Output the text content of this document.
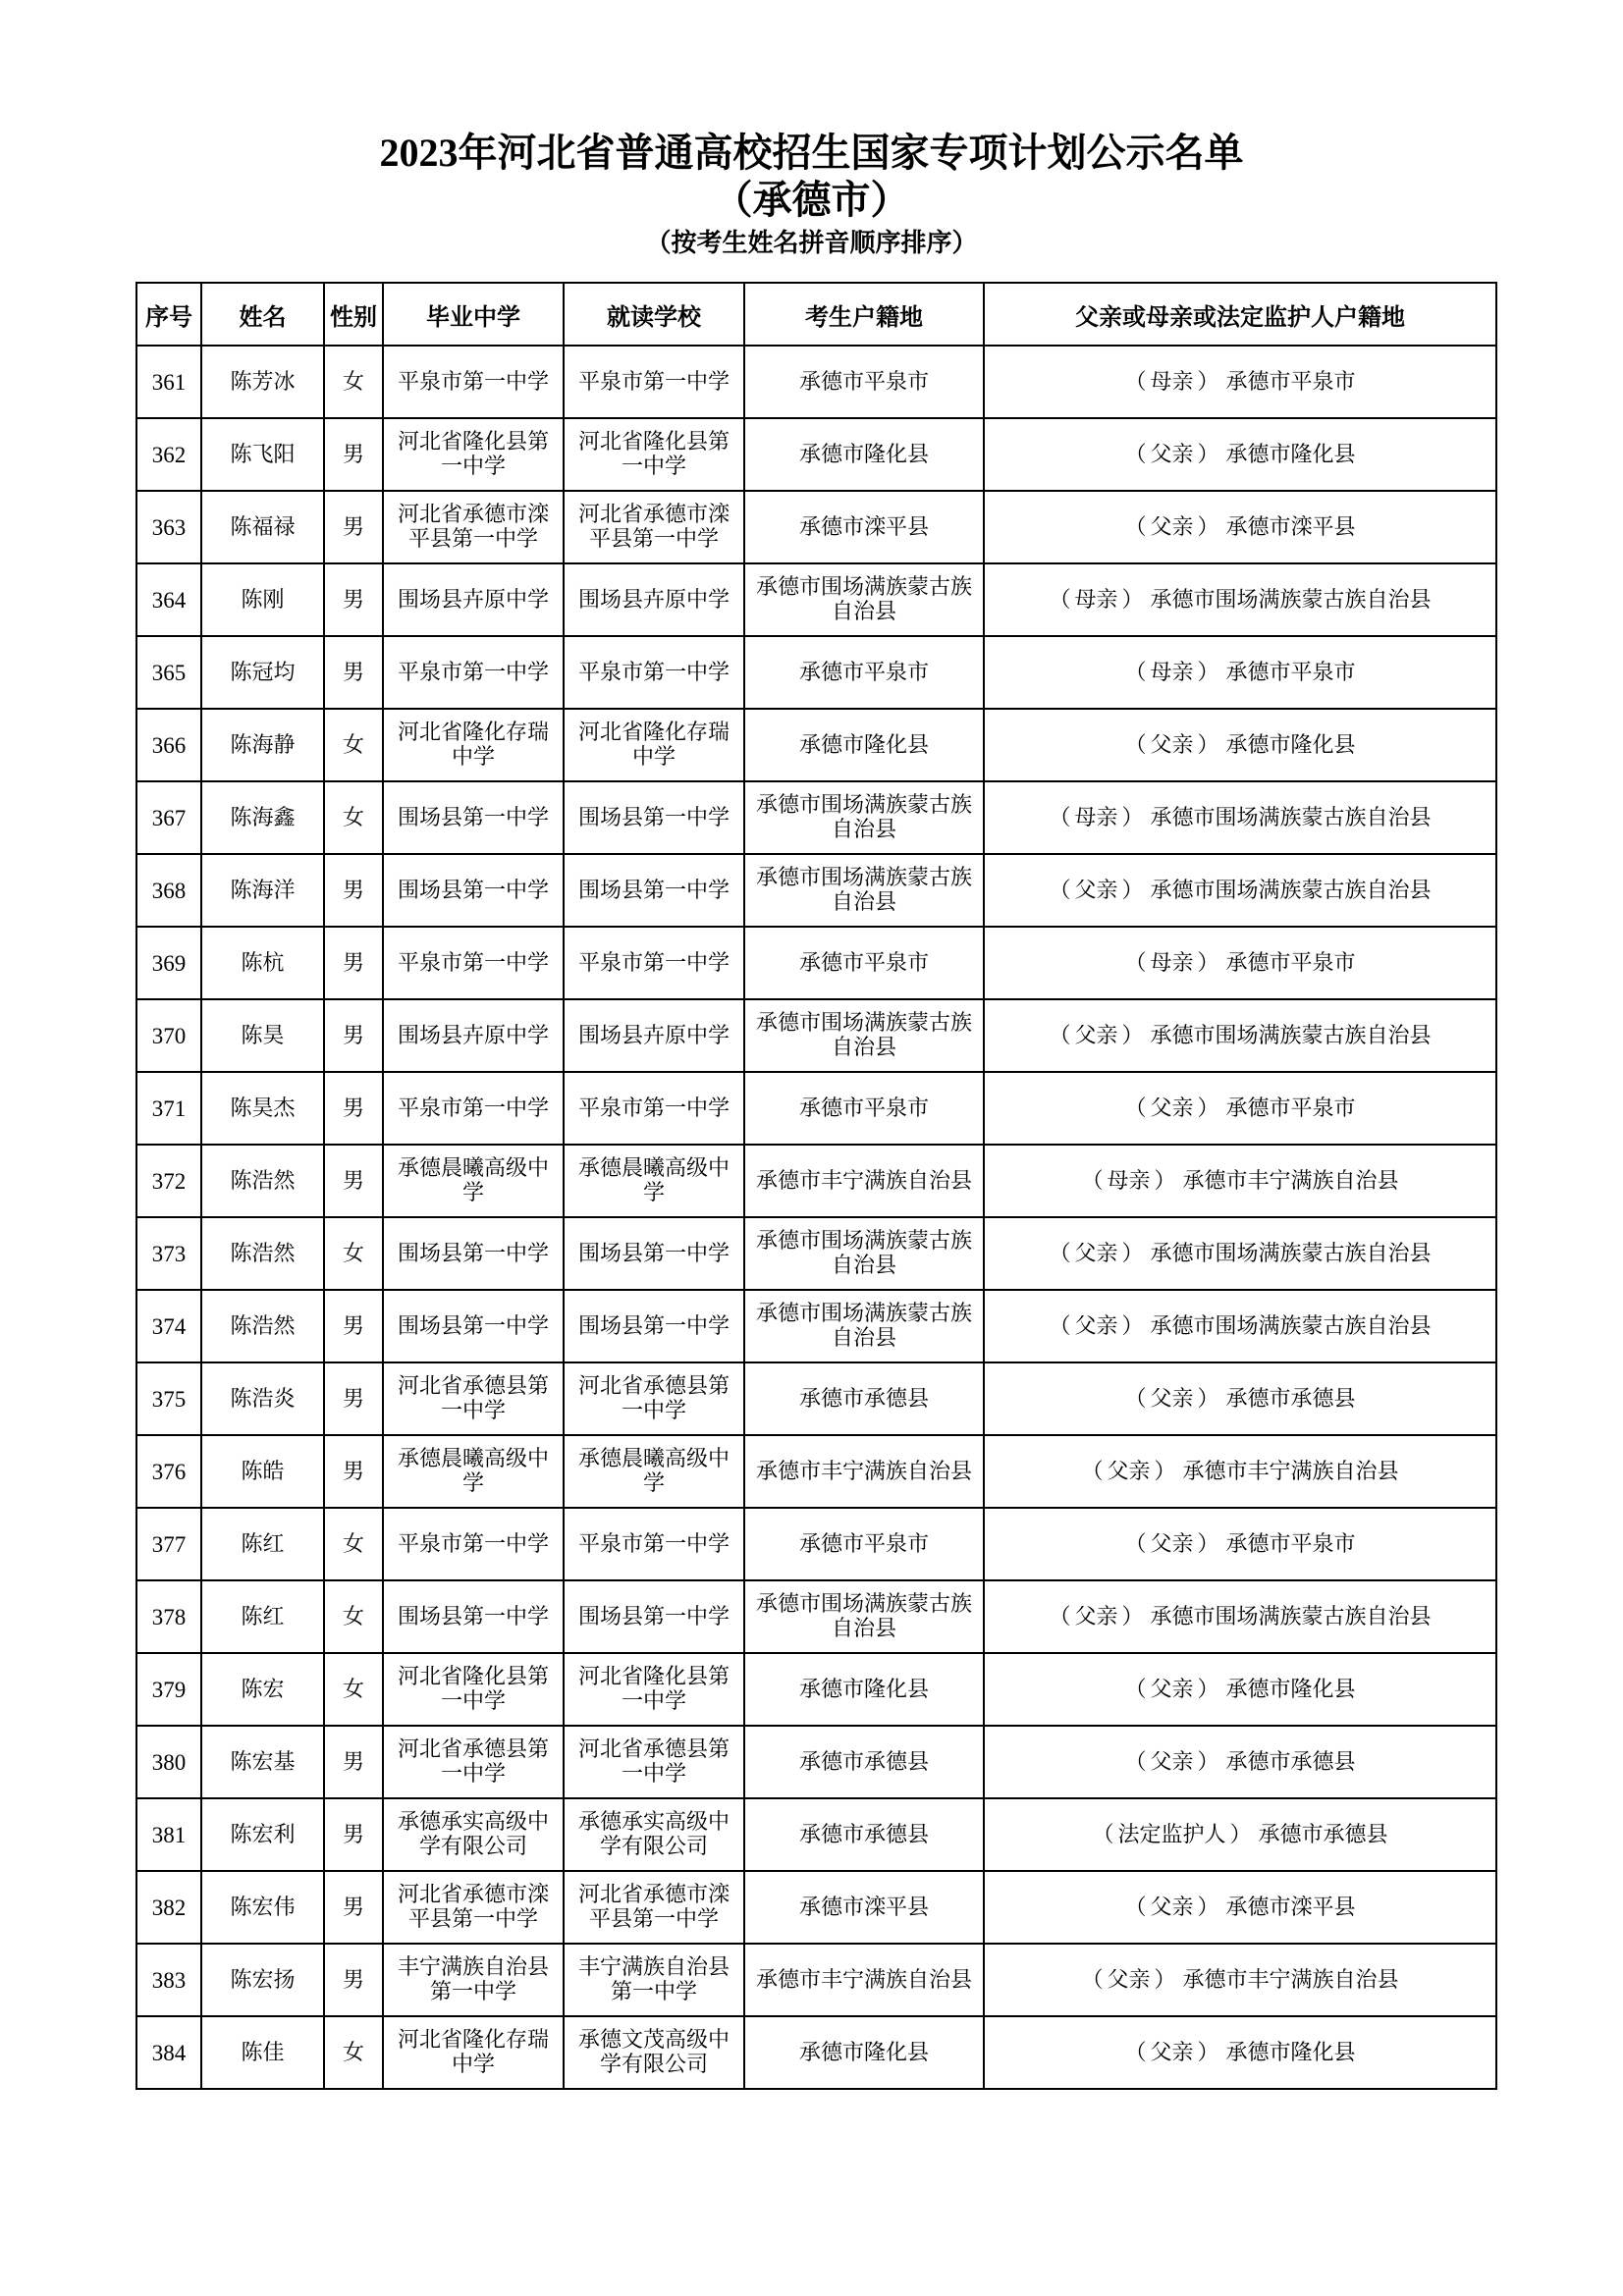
2023年河北省普通高校招生国家专项计划公示名单
（承德市）
（按考生姓名拼音顺序排序）
序号	姓名	性别	毕业中学	就读学校	考生户籍地	父亲或母亲或法定监护人户籍地
361	陈芳冰	女	平泉市第一中学	平泉市第一中学	承德市平泉市	（ 母亲 ） 承德市平泉市
362	陈飞阳	男	河北省隆化县第一中学	河北省隆化县第一中学	承德市隆化县	（ 父亲 ） 承德市隆化县
363	陈福禄	男	河北省承德市滦平县第一中学	河北省承德市滦平县第一中学	承德市滦平县	（ 父亲 ） 承德市滦平县
364	陈刚	男	围场县卉原中学	围场县卉原中学	承德市围场满族蒙古族自治县	（ 母亲 ） 承德市围场满族蒙古族自治县
365	陈冠均	男	平泉市第一中学	平泉市第一中学	承德市平泉市	（ 母亲 ） 承德市平泉市
366	陈海静	女	河北省隆化存瑞中学	河北省隆化存瑞中学	承德市隆化县	（ 父亲 ） 承德市隆化县
367	陈海鑫	女	围场县第一中学	围场县第一中学	承德市围场满族蒙古族自治县	（ 母亲 ） 承德市围场满族蒙古族自治县
368	陈海洋	男	围场县第一中学	围场县第一中学	承德市围场满族蒙古族自治县	（ 父亲 ） 承德市围场满族蒙古族自治县
369	陈杭	男	平泉市第一中学	平泉市第一中学	承德市平泉市	（ 母亲 ） 承德市平泉市
370	陈昊	男	围场县卉原中学	围场县卉原中学	承德市围场满族蒙古族自治县	（ 父亲 ） 承德市围场满族蒙古族自治县
371	陈昊杰	男	平泉市第一中学	平泉市第一中学	承德市平泉市	（ 父亲 ） 承德市平泉市
372	陈浩然	男	承德晨曦高级中学	承德晨曦高级中学	承德市丰宁满族自治县	（ 母亲 ） 承德市丰宁满族自治县
373	陈浩然	女	围场县第一中学	围场县第一中学	承德市围场满族蒙古族自治县	（ 父亲 ） 承德市围场满族蒙古族自治县
374	陈浩然	男	围场县第一中学	围场县第一中学	承德市围场满族蒙古族自治县	（ 父亲 ） 承德市围场满族蒙古族自治县
375	陈浩炎	男	河北省承德县第一中学	河北省承德县第一中学	承德市承德县	（ 父亲 ） 承德市承德县
376	陈皓	男	承德晨曦高级中学	承德晨曦高级中学	承德市丰宁满族自治县	（ 父亲 ） 承德市丰宁满族自治县
377	陈红	女	平泉市第一中学	平泉市第一中学	承德市平泉市	（ 父亲 ） 承德市平泉市
378	陈红	女	围场县第一中学	围场县第一中学	承德市围场满族蒙古族自治县	（ 父亲 ） 承德市围场满族蒙古族自治县
379	陈宏	女	河北省隆化县第一中学	河北省隆化县第一中学	承德市隆化县	（ 父亲 ） 承德市隆化县
380	陈宏基	男	河北省承德县第一中学	河北省承德县第一中学	承德市承德县	（ 父亲 ） 承德市承德县
381	陈宏利	男	承德承实高级中学有限公司	承德承实高级中学有限公司	承德市承德县	（ 法定监护人 ） 承德市承德县
382	陈宏伟	男	河北省承德市滦平县第一中学	河北省承德市滦平县第一中学	承德市滦平县	（ 父亲 ） 承德市滦平县
383	陈宏扬	男	丰宁满族自治县第一中学	丰宁满族自治县第一中学	承德市丰宁满族自治县	（ 父亲 ） 承德市丰宁满族自治县
384	陈佳	女	河北省隆化存瑞中学	承德文茂高级中学有限公司	承德市隆化县	（ 父亲 ） 承德市隆化县
